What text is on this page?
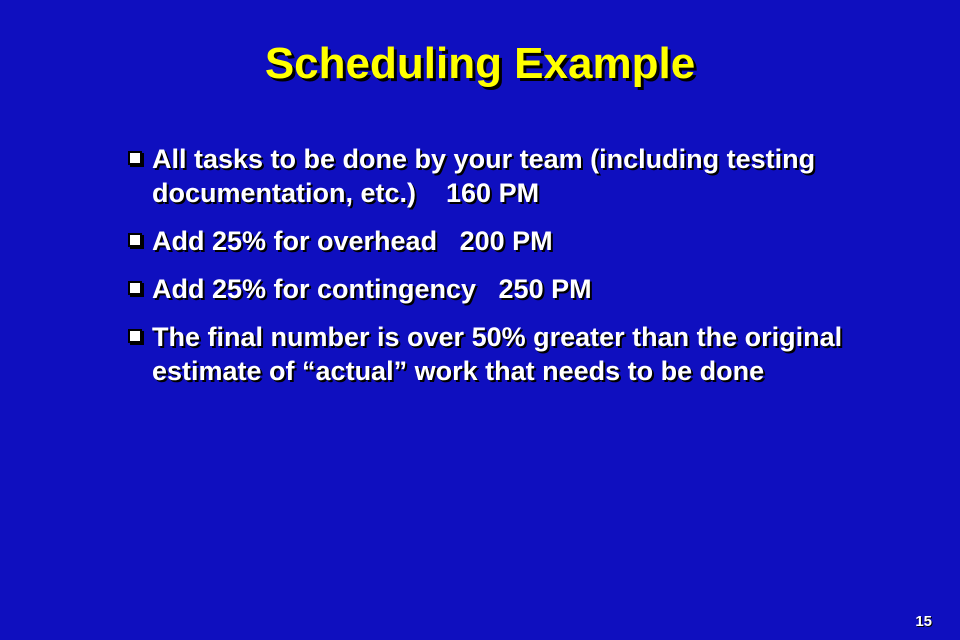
Scheduling Example
All tasks to be done by your team (including testing documentation, etc.)    160 PM
Add 25% for overhead   200 PM
Add 25% for contingency   250 PM
The final number is over 50% greater than the original estimate of “actual” work that needs to be done
15
